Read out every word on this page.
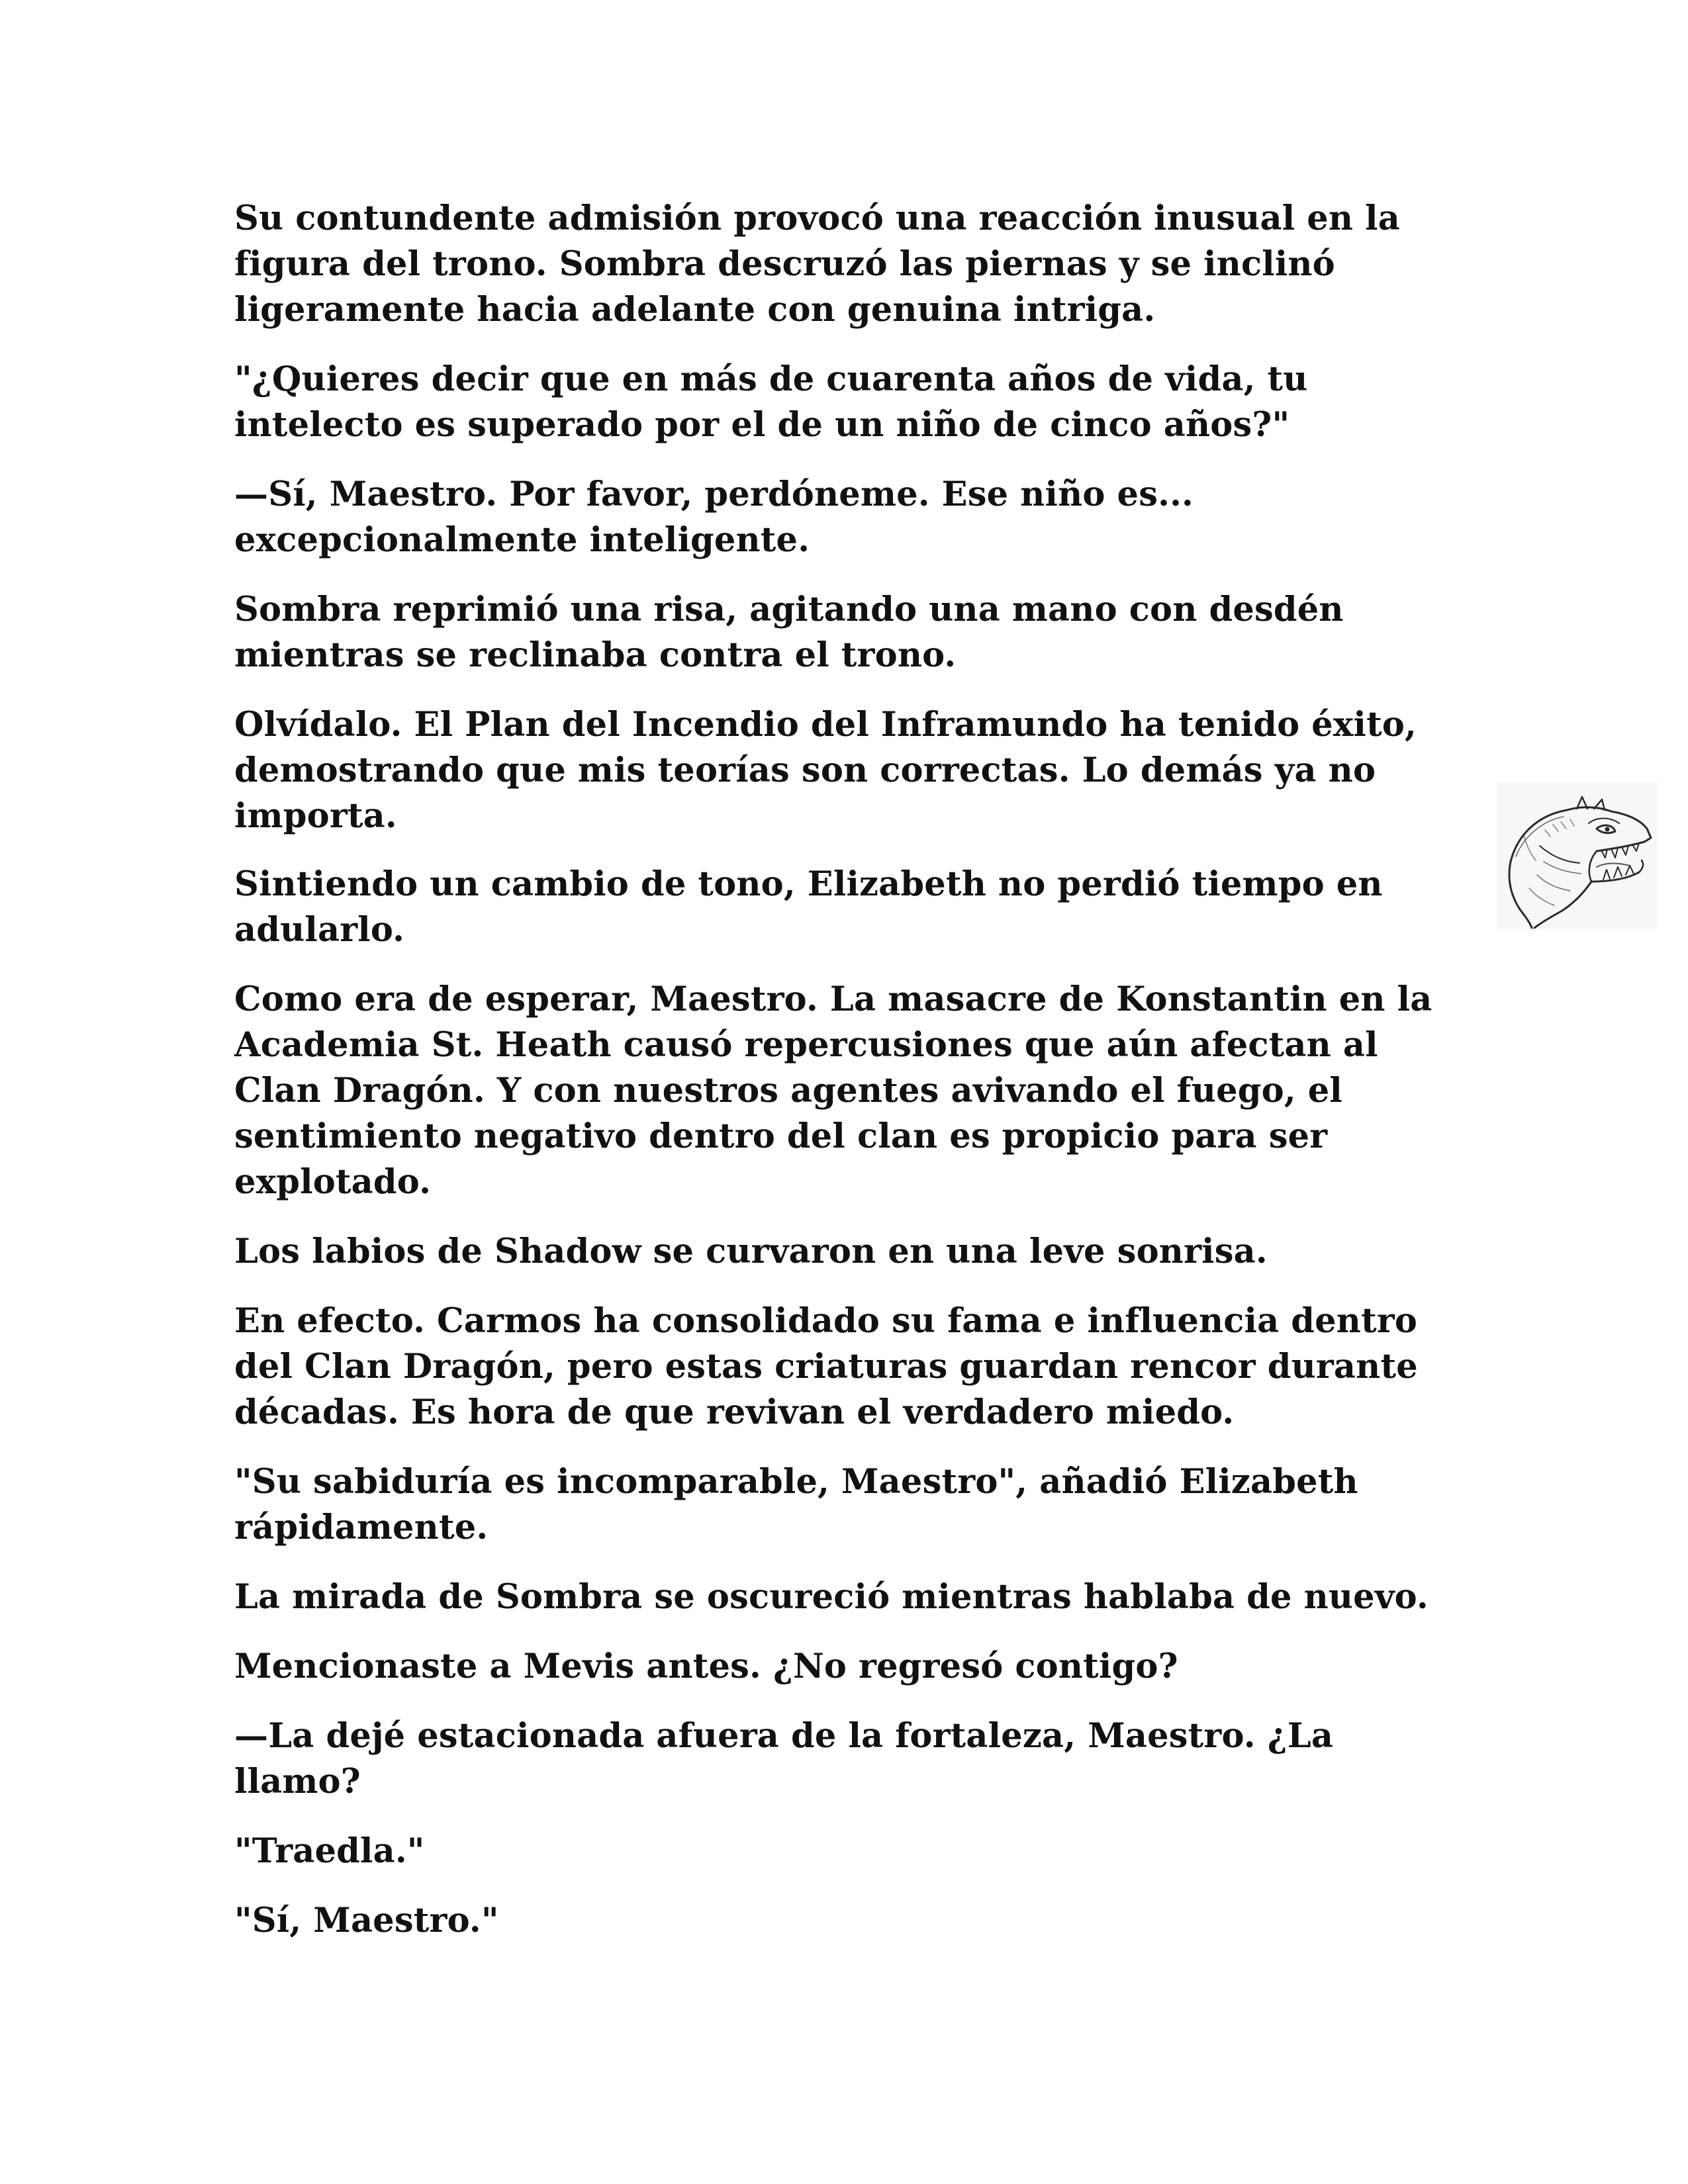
Su contundente admisión provocó una reacción inusual en la figura del trono. Sombra descruzó las piernas y se inclinó ligeramente hacia adelante con genuina intriga.

"¿Quieres decir que en más de cuarenta años de vida, tu intelecto es superado por el de un niño de cinco años?"

—Sí, Maestro. Por favor, perdóneme. Ese niño es... excepcionalmente inteligente.

Sombra reprimió una risa, agitando una mano con desdén mientras se reclinaba contra el trono.

Olvídalo. El Plan del Incendio del Inframundo ha tenido éxito, demostrando que mis teorías son correctas. Lo demás ya no importa.

Sintiendo un cambio de tono, Elizabeth no perdió tiempo en adularlo.

Como era de esperar, Maestro. La masacre de Konstantin en la Academia St. Heath causó repercusiones que aún afectan al Clan Dragón. Y con nuestros agentes avivando el fuego, el sentimiento negativo dentro del clan es propicio para ser explotado.

Los labios de Shadow se curvaron en una leve sonrisa.

En efecto. Carmos ha consolidado su fama e influencia dentro del Clan Dragón, pero estas criaturas guardan rencor durante décadas. Es hora de que revivan el verdadero miedo.

"Su sabiduría es incomparable, Maestro", añadió Elizabeth rápidamente.

La mirada de Sombra se oscureció mientras hablaba de nuevo.

Mencionaste a Mevis antes. ¿No regresó contigo?

—La dejé estacionada afuera de la fortaleza, Maestro. ¿La llamo?

"Traedla."

"Sí, Maestro."
